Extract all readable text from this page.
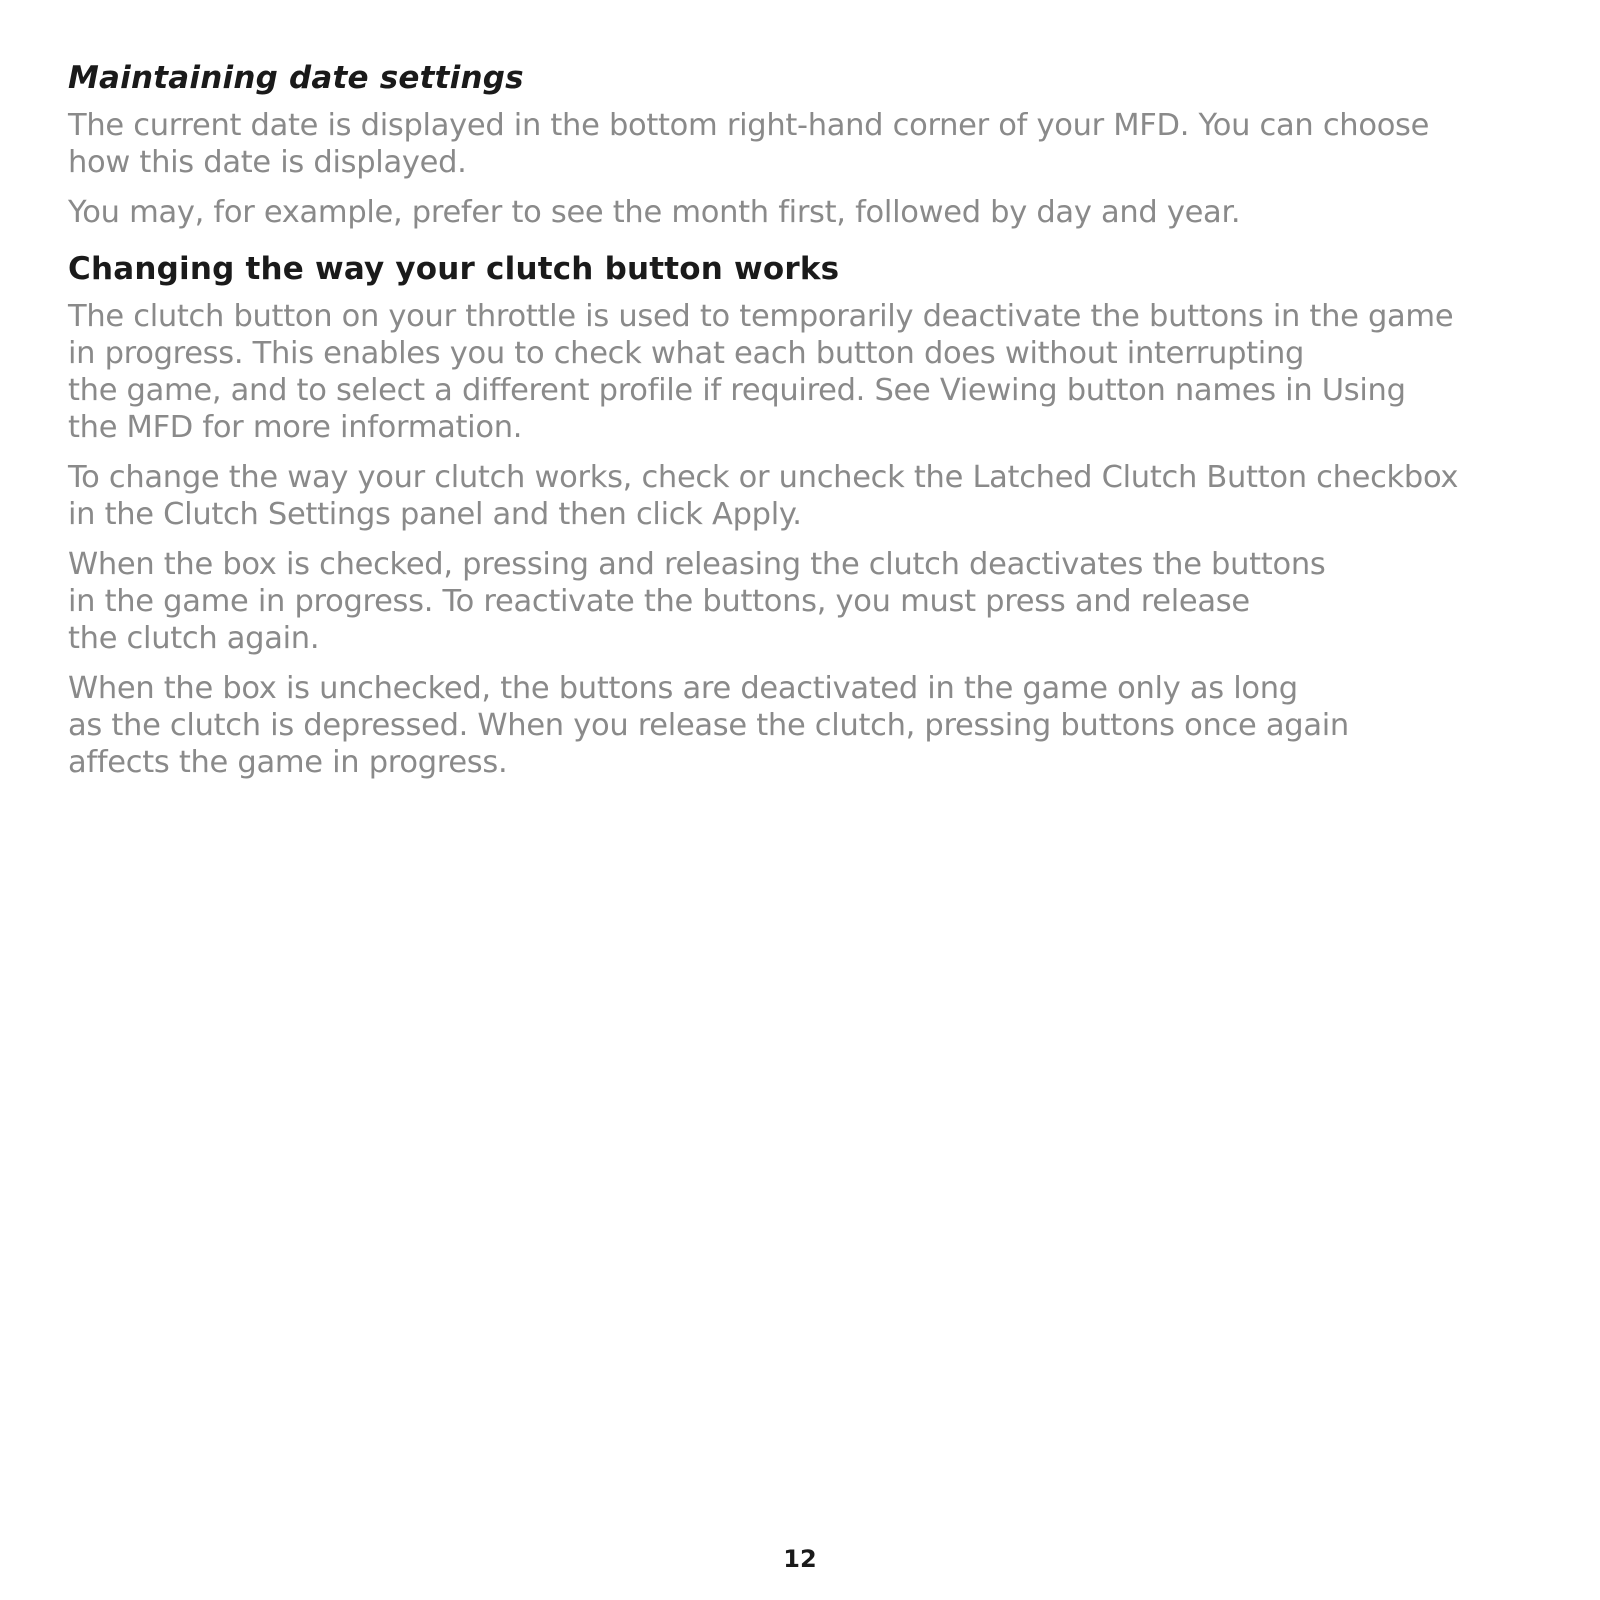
Maintaining date settings

The current date is displayed in the bottom right-hand corner of your MFD. You can choose
how this date is displayed.

You may, for example, prefer to see the month first, followed by day and year.

Changing the way your clutch button works

The clutch button on your throttle is used to temporarily deactivate the buttons in the game
in progress. This enables you to check what each button does without interrupting
the game, and to select a different profile if required. See Viewing button names in Using
the MFD for more information.

To change the way your clutch works, check or uncheck the Latched Clutch Button checkbox
in the Clutch Settings panel and then click Apply.

When the box is checked, pressing and releasing the clutch deactivates the buttons
in the game in progress. To reactivate the buttons, you must press and release
the clutch again.

When the box is unchecked, the buttons are deactivated in the game only as long
as the clutch is depressed. When you release the clutch, pressing buttons once again
affects the game in progress.

12
